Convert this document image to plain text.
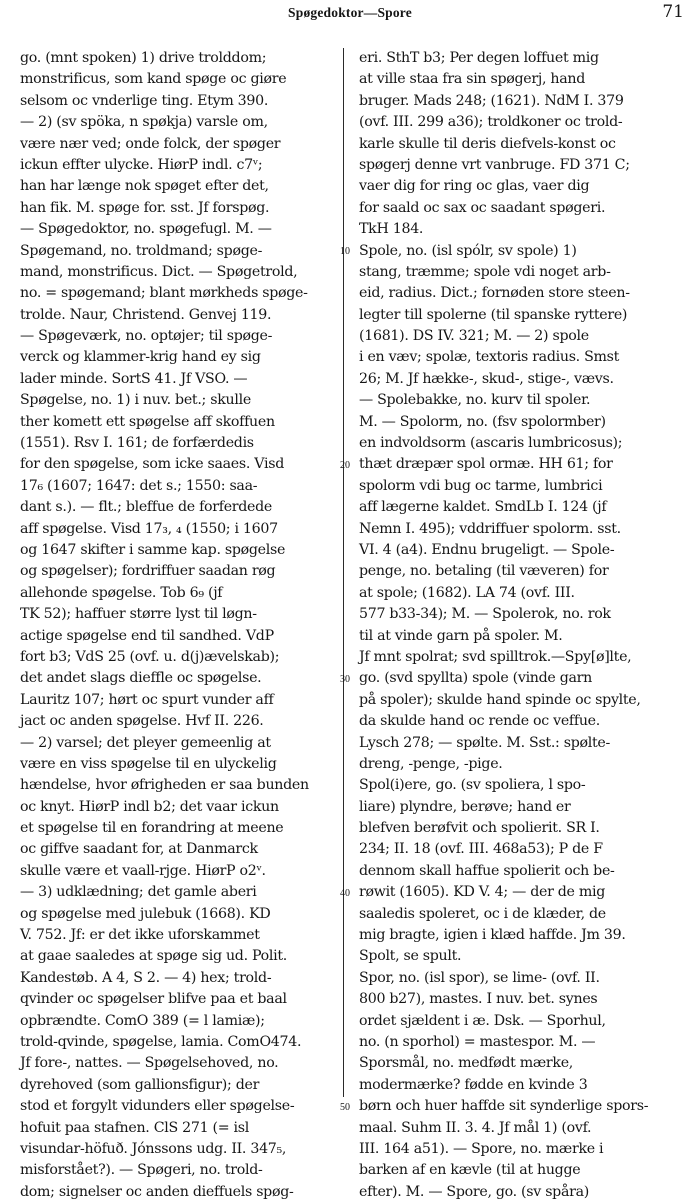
Spøgedoktor—Spore	71
go. (mnt spoken) 1) drive trolddom;
monstrificus, som kand spøge oc giøre
selsom oc vnderlige ting. Etym 390.
— 2) (sv spöka, n spøkja) varsle om,
være nær ved; onde folck, der spøger
ickun effter ulycke. HiørP indl. c7ᵛ;
han har længe nok spøget efter det,
han fik. M. spøge for. sst. Jf forspøg.
— Spøgedoktor, no. spøgefugl. M. —
Spøgemand, no. troldmand; spøge-
mand, monstrificus. Dict. — Spøgetrold,
no. = spøgemand; blant mørkheds spøge-
trolde. Naur, Christend. Genvej 119.
— Spøgeværk, no. optøjer; til spøge-
verck og klammer-krig hand ey sig
lader minde. SortS 41. Jf VSO. —
Spøgelse, no. 1) i nuv. bet.; skulle
ther komett ett spøgelse aff skoffuen
(1551). Rsv I. 161; de forfærdedis
for den spøgelse, som icke saaes. Visd
17₆ (1607; 1647: det s.; 1550: saa-
dant s.). — flt.; bleffue de forferdede
aff spøgelse. Visd 17₃, ₄ (1550; i 1607
og 1647 skifter i samme kap. spøgelse
og spøgelser); fordriffuer saadan røg
allehonde spøgelse. Tob 6₉ (jf
TK 52); haffuer større lyst til løgn-
actige spøgelse end til sandhed. VdP
fort b3; VdS 25 (ovf. u. d(j)ævelskab);
det andet slags dieffle oc spøgelse.
Lauritz 107; hørt oc spurt vunder aff
jact oc anden spøgelse. Hvf II. 226.
— 2) varsel; det pleyer gemeenlig at
være en viss spøgelse til en ulyckelig
hændelse, hvor øfrigheden er saa bunden
oc knyt. HiørP indl b2; det vaar ickun
et spøgelse til en forandring at meene
oc giffve saadant for, at Danmarck
skulle være et vaall-rjge. HiørP o2ᵛ.
— 3) udklædning; det gamle aberi
og spøgelse med julebuk (1668). KD
V. 752. Jf: er det ikke uforskammet
at gaae saaledes at spøge sig ud. Polit.
Kandestøb. A 4, S 2. — 4) hex; trold-
qvinder oc spøgelser blifve paa et baal
opbrændte. ComO 389 (= l lamiæ);
trold-qvinde, spøgelse, lamia. ComO474.
Jf fore-, nattes. — Spøgelsehoved, no.
dyrehoved (som gallionsfigur); der
stod et forgylt vidunders eller spøgelse-
hofuit paa stafnen. ClS 271 (= isl
visundar-höfuð. Jónssons udg. II. 347₅,
misforstået?). — Spøgeri, no. trold-
dom; signelser oc anden dieffuels spøg-
eri. SthT b3; Per degen loffuet mig
at ville staa fra sin spøgerj, hand
bruger. Mads 248; (1621). NdM I. 379
(ovf. III. 299 a36); troldkoner oc trold-
karle skulle til deris diefvels-konst oc
spøgerj denne vrt vanbruge. FD 371 C;
vaer dig for ring oc glas, vaer dig
for saald oc sax oc saadant spøgeri.
TkH 184.
Spole, no. (isl spólr, sv spole) 1)
stang, træmme; spole vdi noget arb-
eid, radius. Dict.; fornøden store steen-
legter till spolerne (til spanske ryttere)
(1681). DS IV. 321; M. — 2) spole
i en væv; spolæ, textoris radius. Smst
26; M. Jf hække-, skud-, stige-, vævs.
— Spolebakke, no. kurv til spoler.
M. — Spolorm, no. (fsv spolormber)
en indvoldsorm (ascaris lumbricosus);
thæt dræpær spol ormæ. HH 61; for
spolorm vdi bug oc tarme, lumbrici
aff lægerne kaldet. SmdLb I. 124 (jf
Nemn I. 495); vddriffuer spolorm. sst.
VI. 4 (a4). Endnu brugeligt. — Spole-
penge, no. betaling (til væveren) for
at spole; (1682). LA 74 (ovf. III.
577 b33-34); M. — Spolerok, no. rok
til at vinde garn på spoler. M.
Jf mnt spolrat; svd spilltrok.—Spy[ø]lte,
go. (svd spyllta) spole (vinde garn
på spoler); skulde hand spinde oc spylte,
da skulde hand oc rende oc veffue.
Lysch 278; — spølte. M. Sst.: spølte-
dreng, -penge, -pige.
Spol(i)ere, go. (sv spoliera, l spo-
liare) plyndre, berøve; hand er
blefven berøfvit och spolierit. SR I.
234; II. 18 (ovf. III. 468a53); P de F
dennom skall haffue spolierit och be-
røwit (1605). KD V. 4; — der de mig
saaledis spoleret, oc i de klæder, de
mig bragte, igien i klæd haffde. Jm 39.
Spolt, se spult.
Spor, no. (isl spor), se lime- (ovf. II.
800 b27), mastes. I nuv. bet. synes
ordet sjældent i æ. Dsk. — Sporhul,
no. (n sporhol) = mastespor. M. —
Sporsmål, no. medfødt mærke,
modermærke? fødde en kvinde 3
børn och huer haffde sit synderlige spors-
maal. Suhm II. 3. 4. Jf mål 1) (ovf.
III. 164 a51). — Spore, no. mærke i
barken af en kævle (til at hugge
efter). M. — Spore, go. (sv spåra)
10
20
30
40
50
